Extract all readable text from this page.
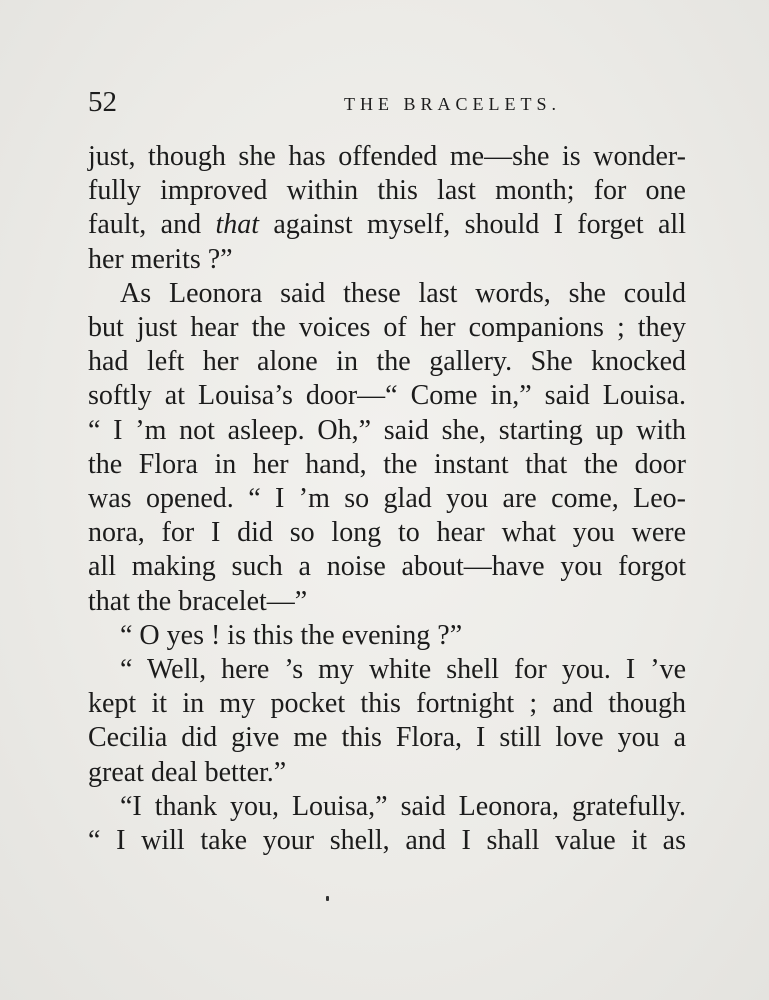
52	THE BRACELETS.
just, though she has offended me—she is wonder-
fully improved within this last month; for one
fault, and that against myself, should I forget all
her merits ?”
As Leonora said these last words, she could
but just hear the voices of her companions ; they
had left her alone in the gallery. She knocked
softly at Louisa’s door—“ Come in,” said Louisa.
“ I ’m not asleep. Oh,” said she, starting up with
the Flora in her hand, the instant that the door
was opened. “ I ’m so glad you are come, Leo-
nora, for I did so long to hear what you were
all making such a noise about—have you forgot
that the bracelet—”
“ O yes ! is this the evening ?”
“ Well, here ’s my white shell for you. I ’ve
kept it in my pocket this fortnight ; and though
Cecilia did give me this Flora, I still love you a
great deal better.”
“I thank you, Louisa,” said Leonora, gratefully.
“ I will take your shell, and I shall value it as
